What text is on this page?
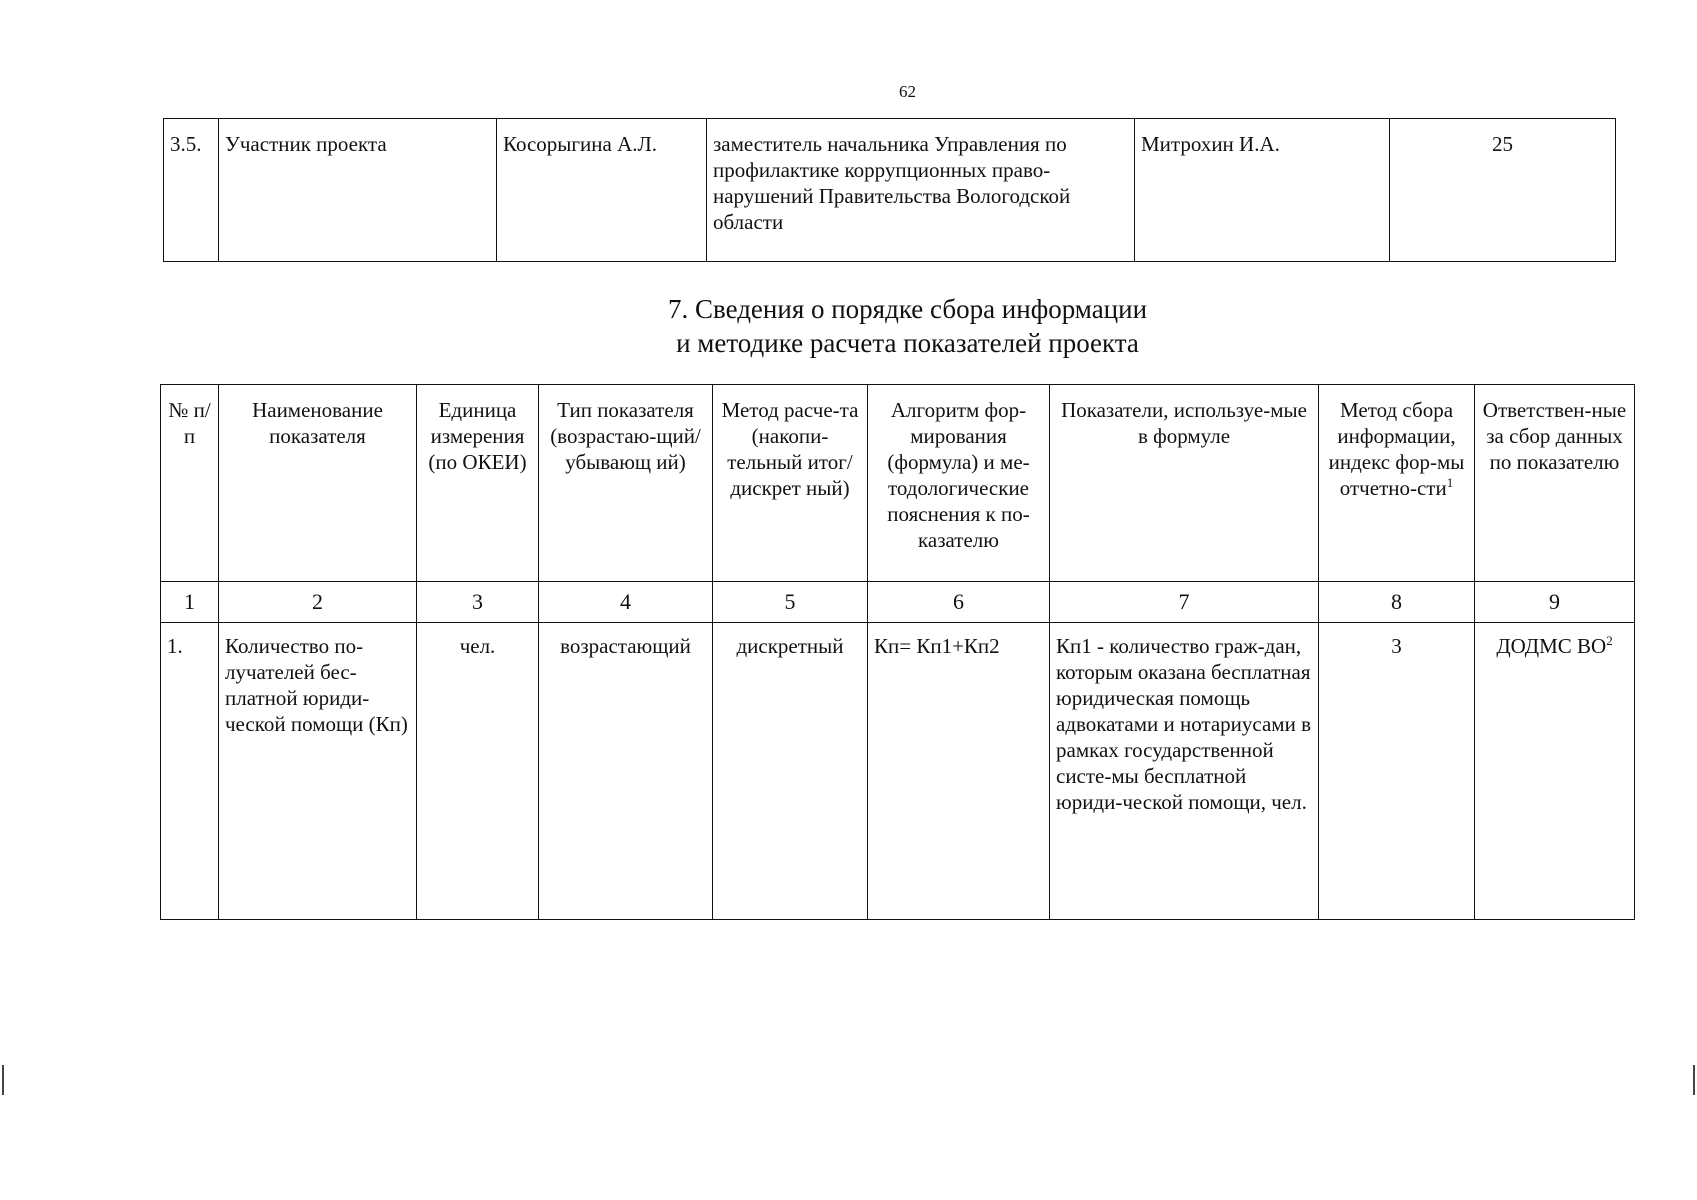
62
3.5.	Участник проекта	Косорыгина А.Л.	заместитель начальника Управления по профилактике коррупционных право-нарушений Правительства Вологодской области	Митрохин И.А.	25
7. Сведения о порядке сбора информации
и методике расчета показателей проекта
№ п/п	Наименование показателя	Единица измерения (по ОКЕИ)	Тип показателя (возрастаю-щий/убывающ ий)	Метод расче-та (накопи-тельный итог/дискрет ный)	Алгоритм фор-мирования (формула) и ме-тодологические пояснения к по-казателю	Показатели, используе-мые в формуле	Метод сбора информации, индекс фор-мы отчетно-сти$^1$	Ответствен-ные за сбор данных по показателю
1	2	3	4	5	6	7	8	9
1.	Количество по-лучателей бес-платной юриди-ческой помощи (Кп)	чел.	возрастающий	дискретный	Кп= Кп1+Кп2	Кп1 - количество граж-дан, которым оказана бесплатная юридическая помощь адвокатами и нотариусами в рамках государственной систе-мы бесплатной юриди-ческой помощи, чел.	3	ДОДМС $ВО^2$
